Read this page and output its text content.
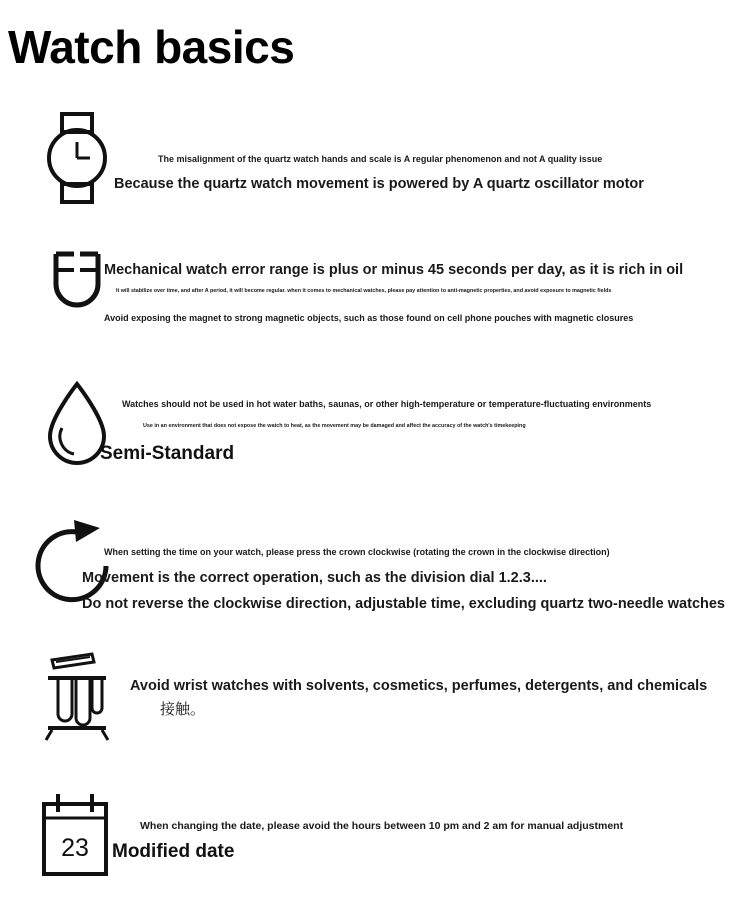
Watch basics
The misalignment of the quartz watch hands and scale is A regular phenomenon and not A quality issue
Because the quartz watch movement is powered by A quartz oscillator motor
Mechanical watch error range is plus or minus 45 seconds per day, as it is rich in oil
It will stabilize over time, and after A period, it will become regular. when it comes to mechanical watches, please pay attention to anti-magnetic properties, and avoid exposure to magnetic fields
Avoid exposing the magnet to strong magnetic objects, such as those found on cell phone pouches with magnetic closures
Watches should not be used in hot water baths, saunas, or other high-temperature or temperature-fluctuating environments
Use in an environment that does not expose the watch to heat, as the movement may be damaged and affect the accuracy of the watch's timekeeping
Semi-Standard
When setting the time on your watch, please press the crown clockwise (rotating the crown in the clockwise direction)
Movement is the correct operation, such as the division dial 1.2.3....
Do not reverse the clockwise direction, adjustable time, excluding quartz two-needle watches
Avoid wrist watches with solvents, cosmetics, perfumes, detergents, and chemicals
接触。
23
When changing the date, please avoid the hours between 10 pm and 2 am for manual adjustment
Modified date
